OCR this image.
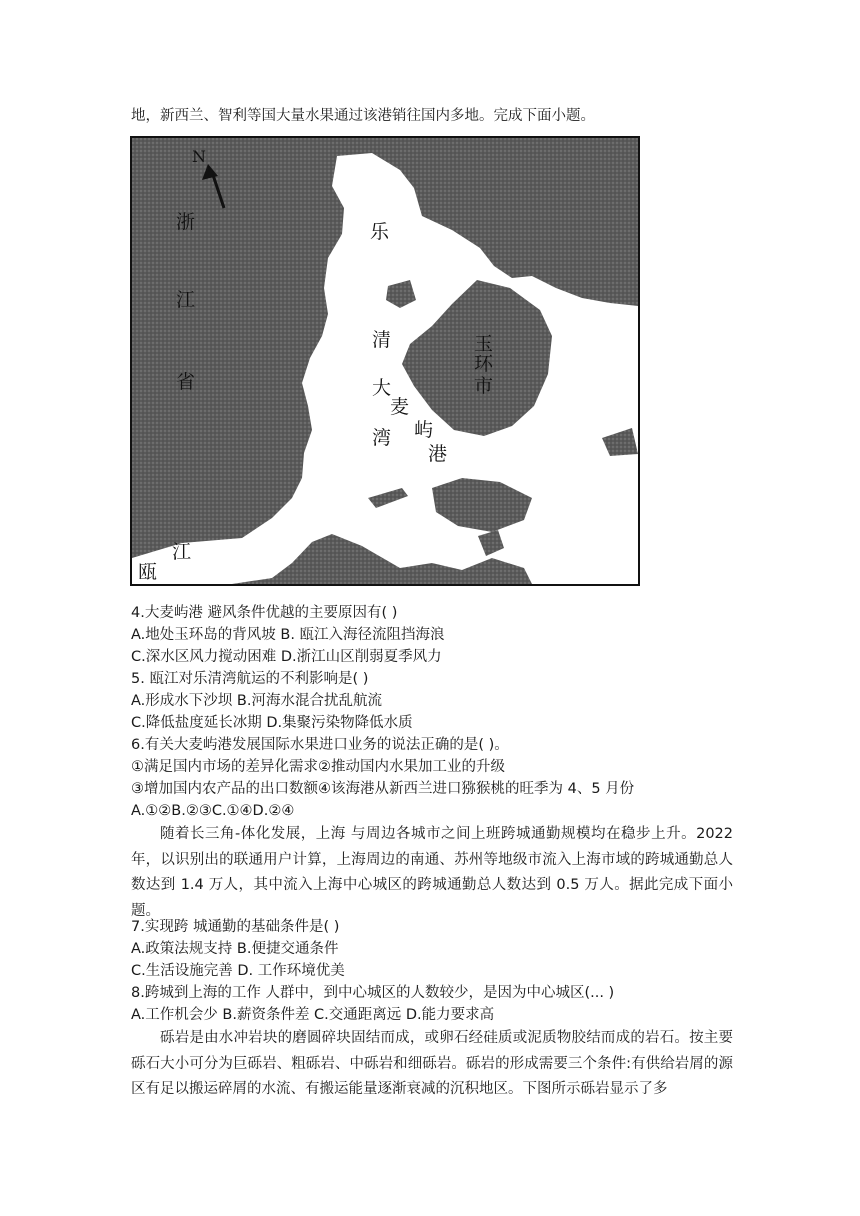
地，新西兰、智利等国大量水果通过该港销往国内多地。完成下面小题。
N
浙
江
省
乐
清
大
湾
玉
环
市
麦
屿
港
瓯
江
4.大麦屿港 避风条件优越的主要原因有( )
A.地处玉环岛的背风坡 B. 瓯江入海径流阻挡海浪
C.深水区风力搅动困难 D.浙江山区削弱夏季风力
5. 瓯江对乐清湾航运的不利影响是( )
A.形成水下沙坝 B.河海水混合扰乱航流
C.降低盐度延长冰期 D.集聚污染物降低水质
6.有关大麦屿港发展国际水果进口业务的说法正确的是( )。
①满足国内市场的差异化需求②推动国内水果加工业的升级
③增加国内农产品的出口数额④该海港从新西兰进口猕猴桃的旺季为 4、5 月份
A.①②B.②③C.①④D.②④
随着长三角-体化发展，上海 与周边各城市之间上班跨城通勤规模均在稳步上升。2022 年，以识别出的联通用户计算，上海周边的南通、苏州等地级市流入上海市域的跨城通勤总人数达到 1.4 万人，其中流入上海中心城区的跨城通勤总人数达到 0.5 万人。据此完成下面小题。
7.实现跨 城通勤的基础条件是( )
A.政策法规支持 B.便捷交通条件
C.生活设施完善 D. 工作环境优美
8.跨城到上海的工作 人群中，到中心城区的人数较少，是因为中心城区(... )
A.工作机会少 B.薪资条件差 C.交通距离远 D.能力要求高
砾岩是由水冲岩块的磨圆碎块固结而成，或卵石经硅质或泥质物胶结而成的岩石。按主要砾石大小可分为巨砾岩、粗砾岩、中砾岩和细砾岩。砾岩的形成需要三个条件:有供给岩屑的源区有足以搬运碎屑的水流、有搬运能量逐渐衰减的沉积地区。下图所示砾岩显示了多
